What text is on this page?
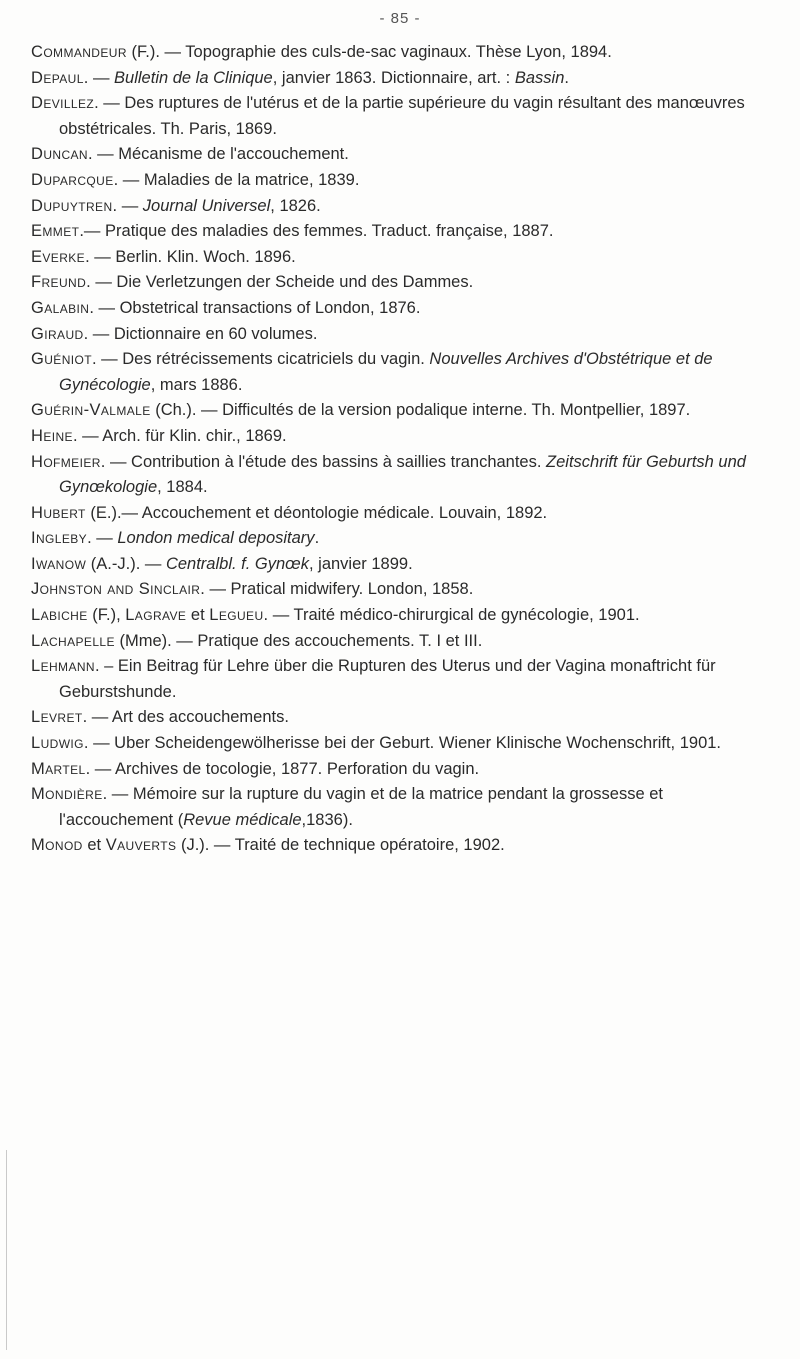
- 85 -

Commandeur (F.). — Topographie des culs-de-sac vaginaux. Thèse Lyon, 1894.

Depaul. — Bulletin de la Clinique, janvier 1863. Dictionnaire, art. : Bassin.

Devillez. — Des ruptures de l'utérus et de la partie supérieure du vagin résultant des manœuvres obstétricales. Th. Paris, 1869.

Duncan. — Mécanisme de l'accouchement.

Duparcque. — Maladies de la matrice, 1839.

Dupuytren. — Journal Universel, 1826.

Emmet.— Pratique des maladies des femmes. Traduct. française, 1887.

Everke. — Berlin. Klin. Woch. 1896.

Freund. — Die Verletzungen der Scheide und des Dammes.

Galabin. — Obstetrical transactions of London, 1876.

Giraud. — Dictionnaire en 60 volumes.

Guéniot. — Des rétrécissements cicatriciels du vagin. Nouvelles Archives d'Obstétrique et de Gynécologie, mars 1886.

Guérin-Valmale (Ch.). — Difficultés de la version podalique interne. Th. Montpellier, 1897.

Heine. — Arch. für Klin. chir., 1869.

Hofmeier. — Contribution à l'étude des bassins à saillies tranchantes. Zeitschrift für Geburtsh und Gynœkologie, 1884.

Hubert (E.).— Accouchement et déontologie médicale. Louvain, 1892.

Ingleby. — London medical depositary.

Iwanow (A.-J.). — Centralbl. f. Gynœk, janvier 1899.

Johnston and Sinclair. — Pratical midwifery. London, 1858.

Labiche (F.), Lagrave et Legueu. — Traité médico-chirurgical de gynécologie, 1901.

Lachapelle (Mme). — Pratique des accouchements. T. I et III.

Lehmann. – Ein Beitrag für Lehre über die Rupturen des Uterus und der Vagina monaftricht für Geburstshunde.

Levret. — Art des accouchements.

Ludwig. — Uber Scheidengewölherisse bei der Geburt. Wiener Klinische Wochenschrift, 1901.

Martel. — Archives de tocologie, 1877. Perforation du vagin.

Mondière. — Mémoire sur la rupture du vagin et de la matrice pendant la grossesse et l'accouchement (Revue médicale,1836).

Monod et Vauverts (J.). — Traité de technique opératoire, 1902.
